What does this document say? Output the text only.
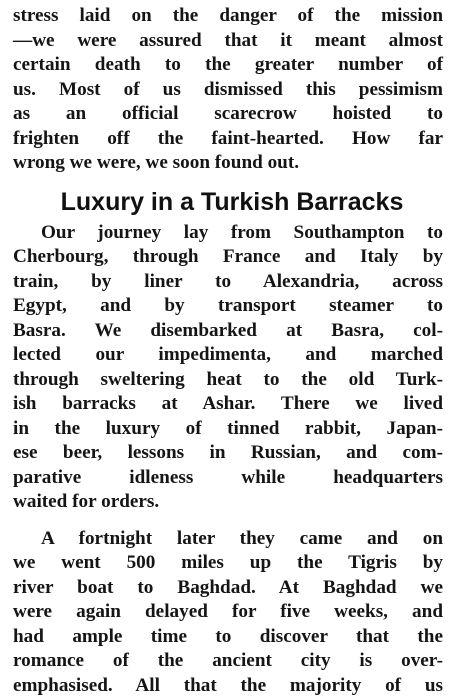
stress laid on the danger of the mission
—we were assured that it meant almost
certain death to the greater number of
us. Most of us dismissed this pessimism
as an official scarecrow hoisted to
frighten off the faint-hearted. How far
wrong we were, we soon found out.
Luxury in a Turkish Barracks
Our journey lay from Southampton to
Cherbourg, through France and Italy by
train, by liner to Alexandria, across
Egypt, and by transport steamer to
Basra. We disembarked at Basra, col-
lected our impedimenta, and marched
through sweltering heat to the old Turk-
ish barracks at Ashar. There we lived
in the luxury of tinned rabbit, Japan-
ese beer, lessons in Russian, and com-
parative idleness while headquarters
waited for orders.
A fortnight later they came and on
we went 500 miles up the Tigris by
river boat to Baghdad. At Baghdad we
were again delayed for five weeks, and
had ample time to discover that the
romance of the ancient city is over-
emphasised. All that the majority of us
